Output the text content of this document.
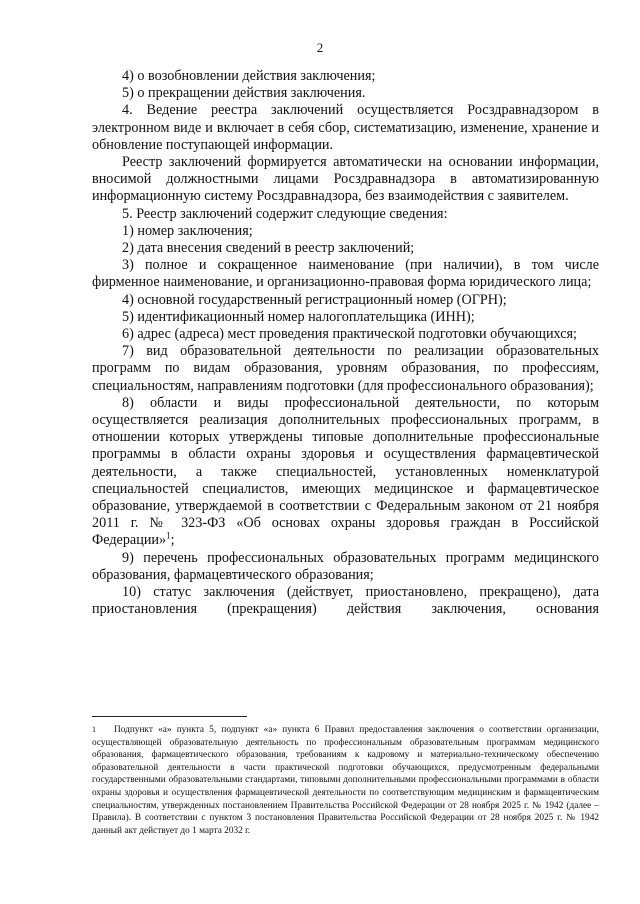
2

4) о возобновлении действия заключения;

5) о прекращении действия заключения.

4. Ведение реестра заключений осуществляется Росздравнадзором в электронном виде и включает в себя сбор, систематизацию, изменение, хранение и обновление поступающей информации.

Реестр заключений формируется автоматически на основании информации, вносимой должностными лицами Росздравнадзора в автоматизированную информационную систему Росздравнадзора, без взаимодействия с заявителем.

5. Реестр заключений содержит следующие сведения:

1) номер заключения;

2) дата внесения сведений в реестр заключений;

3) полное и сокращенное наименование (при наличии), в том числе фирменное наименование, и организационно-правовая форма юридического лица;

4) основной государственный регистрационный номер (ОГРН);

5) идентификационный номер налогоплательщика (ИНН);

6) адрес (адреса) мест проведения практической подготовки обучающихся;

7) вид образовательной деятельности по реализации образовательных программ по видам образования, уровням образования, по профессиям, специальностям, направлениям подготовки (для профессионального образования);

8) области и виды профессиональной деятельности, по которым осуществляется реализация дополнительных профессиональных программ, в отношении которых утверждены типовые дополнительные профессиональные программы в области охраны здоровья и осуществления фармацевтической деятельности, а также специальностей, установленных номенклатурой специальностей специалистов, имеющих медицинское и фармацевтическое образование, утверждаемой в соответствии с Федеральным законом от 21 ноября 2011 г. № 323-ФЗ «Об основах охраны здоровья граждан в Российской Федерации»$^1$;

9) перечень профессиональных образовательных программ медицинского образования, фармацевтического образования;

10) статус заключения (действует, приостановлено, прекращено), дата приостановления (прекращения) действия заключения, основания

1 Подпункт «а» пункта 5, подпункт «а» пункта 6 Правил предоставления заключения о соответствии организации, осуществляющей образовательную деятельность по профессиональным образовательным программам медицинского образования, фармацевтического образования, требованиям к кадровому и материально-техническому обеспечению образовательной деятельности в части практической подготовки обучающихся, предусмотренным федеральными государственными образовательными стандартами, типовыми дополнительными профессиональными программами в области охраны здоровья и осуществления фармацевтической деятельности по соответствующим медицинским и фармацевтическим специальностям, утвержденных постановлением Правительства Российской Федерации от 28 ноября 2025 г. № 1942 (далее – Правила). В соответствии с пунктом 3 постановления Правительства Российской Федерации от 28 ноября 2025 г. № 1942 данный акт действует до 1 марта 2032 г.
